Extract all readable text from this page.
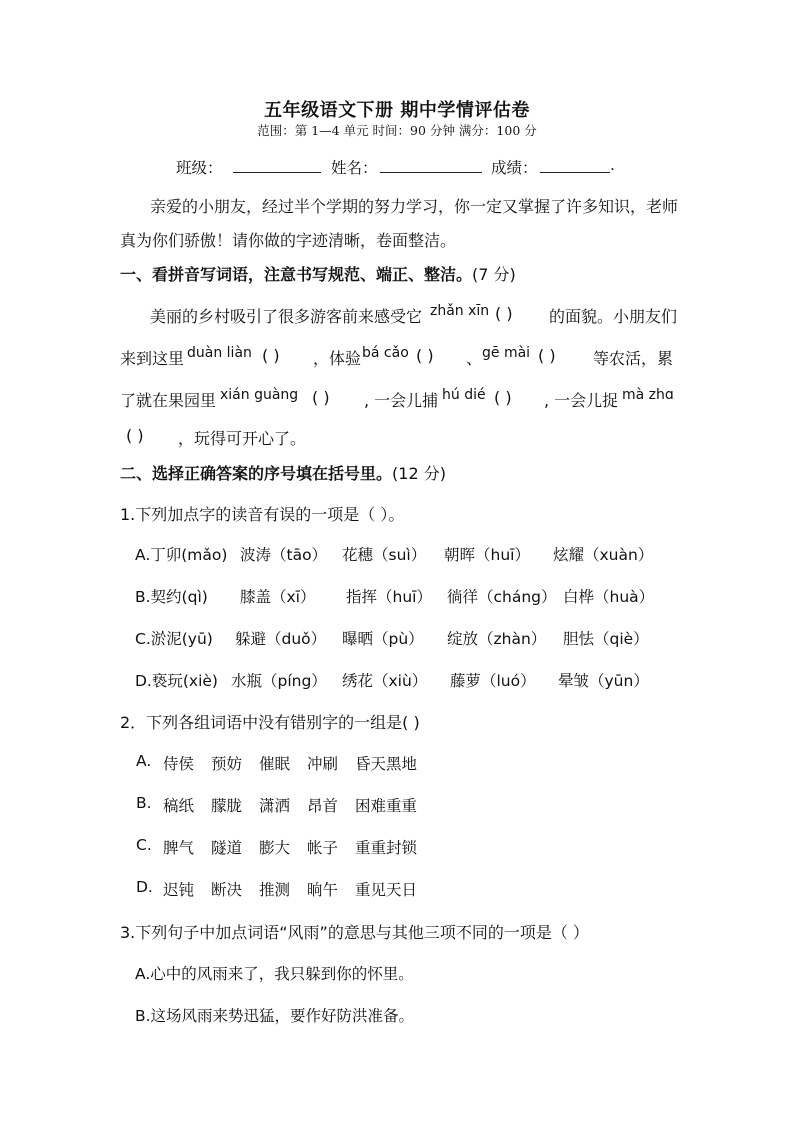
五年级语文下册 期中学情评估卷
范围：第 1—4 单元 时间：90 分钟 满分：100 分
班级：	姓名：	成绩：	.
亲爱的小朋友，经过半个学期的努力学习，你一定又掌握了许多知识，老师
真为你们骄傲！请你做的字迹清晰，卷面整洁。
一、看拼音写词语，注意书写规范、端正、整洁。(7 分)
美丽的乡村吸引了很多游客前来感受它 zhǎn xīn ( ) 的面貌。小朋友们
来到这里 duàn liàn ( ) ，体验 bá cǎo ( ) 、 gē mài ( ) 等农活，累
了就在果园里 xián guàng ( ) , 一会儿捕 hú dié ( ) , 一会儿捉 mà zhɑ
( ) ，玩得可开心了。
二、选择正确答案的序号填在括号里。(12 分)
1.下列加点字的读音有误的一项是（ ）。
A.丁卯(mǎo) 波涛（tāo） 花穗（suì） 朝晖（huī） 炫耀（xuàn）
B.契约(qì) 膝盖（xī） 指挥（huī） 徜徉（cháng） 白桦（huà）
C.淤泥(yū) 躲避（duǒ） 曝晒（pù） 绽放（zhàn） 胆怯（qiè）
D.亵玩(xiè) 水瓶（píng） 绣花（xiù） 藤萝（luó） 晕皱（yūn）
2．下列各组词语中没有错别字的一组是( )
A. 侍侯 预妨 催眠 冲刷 昏天黑地
B. 稿纸 朦胧 潇洒 昂首 困难重重
C. 脾气 隧道 膨大 帐子 重重封锁
D. 迟钝 断决 推测 晌午 重见天日
3.下列句子中加点词语“风雨”的意思与其他三项不同的一项是（ ）
A.心中的风雨来了，我只躲到你的怀里。
B.这场风雨来势迅猛，要作好防洪准备。
